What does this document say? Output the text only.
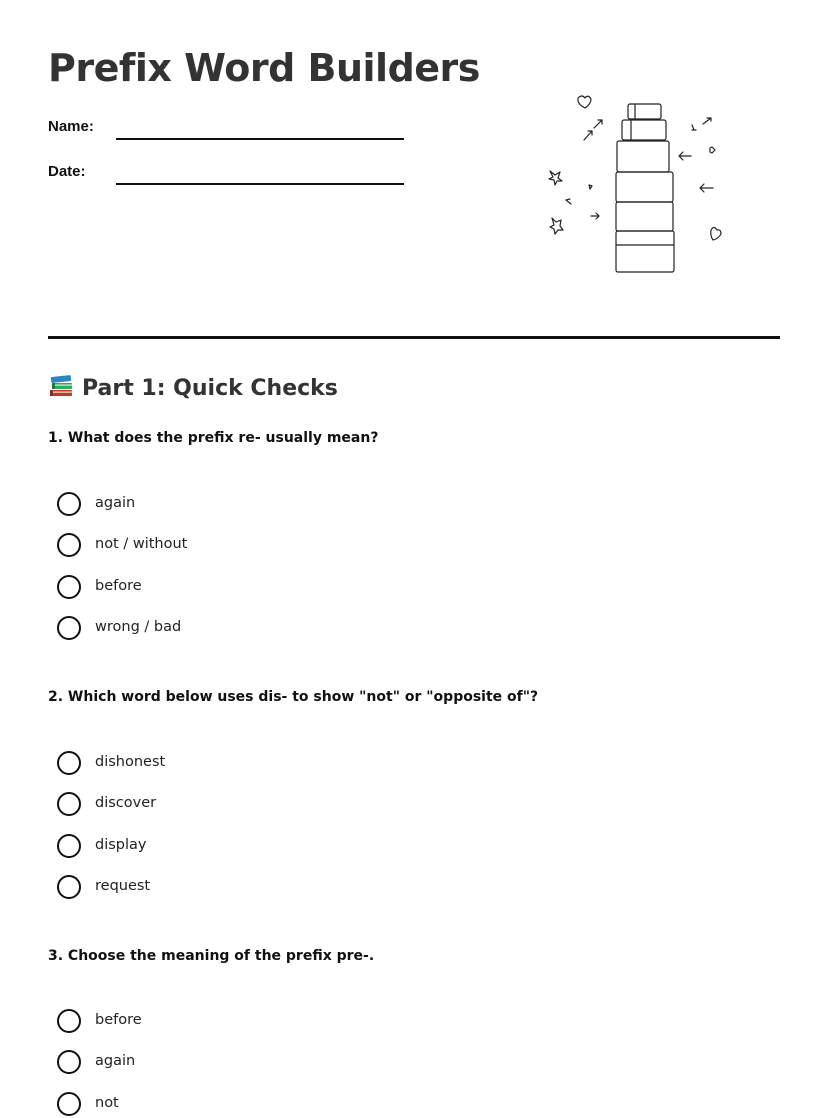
Prefix Word Builders
Name:
Date:
Part 1: Quick Checks

1. What does the prefix re- usually mean?

again
not / without
before
wrong / bad

2. Which word below uses dis- to show "not" or "opposite of"?

dishonest
discover
display
request

3. Choose the meaning of the prefix pre-.

before
again
not
